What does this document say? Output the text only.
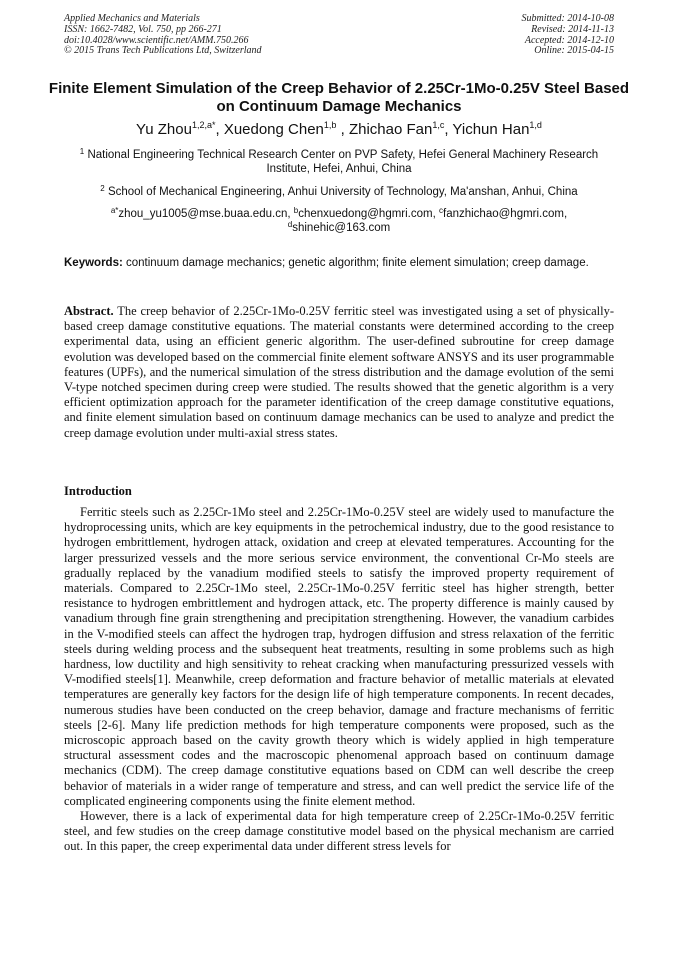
Applied Mechanics and Materials
ISSN: 1662-7482, Vol. 750, pp 266-271
doi:10.4028/www.scientific.net/AMM.750.266
© 2015 Trans Tech Publications Ltd, Switzerland
Submitted: 2014-10-08
Revised: 2014-11-13
Accepted: 2014-12-10
Online: 2015-04-15
Finite Element Simulation of the Creep Behavior of 2.25Cr-1Mo-0.25V Steel Based on Continuum Damage Mechanics
Yu Zhou$^{1,2,a*}$, Xuedong Chen$^{1,b}$ , Zhichao Fan$^{1,c}$, Yichun Han$^{1,d}$
$^1$ National Engineering Technical Research Center on PVP Safety, Hefei General Machinery Research Institute, Hefei, Anhui, China
$^2$ School of Mechanical Engineering, Anhui University of Technology, Ma'anshan, Anhui, China
$^{a*}$zhou_yu1005@mse.buaa.edu.cn, $^b$chenxuedong@hgmri.com, $^c$fanzhichao@hgmri.com, $^d$shinehic@163.com
Keywords: continuum damage mechanics; genetic algorithm; finite element simulation; creep damage.
Abstract. The creep behavior of 2.25Cr-1Mo-0.25V ferritic steel was investigated using a set of physically-based creep damage constitutive equations. The material constants were determined according to the creep experimental data, using an efficient generic algorithm. The user-defined subroutine for creep damage evolution was developed based on the commercial finite element software ANSYS and its user programmable features (UPFs), and the numerical simulation of the stress distribution and the damage evolution of the semi V-type notched specimen during creep were studied. The results showed that the genetic algorithm is a very efficient optimization approach for the parameter identification of the creep damage constitutive equations, and finite element simulation based on continuum damage mechanics can be used to analyze and predict the creep damage evolution under multi-axial stress states.
Introduction

Ferritic steels such as 2.25Cr-1Mo steel and 2.25Cr-1Mo-0.25V steel are widely used to manufacture the hydroprocessing units, which are key equipments in the petrochemical industry, due to the good resistance to hydrogen embrittlement, hydrogen attack, oxidation and creep at elevated temperatures. Accounting for the larger pressurized vessels and the more serious service environment, the conventional Cr-Mo steels are gradually replaced by the vanadium modified steels to satisfy the improved property requirement of materials. Compared to 2.25Cr-1Mo steel, 2.25Cr-1Mo-0.25V ferritic steel has higher strength, better resistance to hydrogen embrittlement and hydrogen attack, etc. The property difference is mainly caused by vanadium through fine grain strengthening and precipitation strengthening. However, the vanadium carbides in the V-modified steels can affect the hydrogen trap, hydrogen diffusion and stress relaxation of the ferritic steels during welding process and the subsequent heat treatments, resulting in some problems such as high hardness, low ductility and high sensitivity to reheat cracking when manufacturing pressurized vessels with V-modified steels[1]. Meanwhile, creep deformation and fracture behavior of metallic materials at elevated temperatures are generally key factors for the design life of high temperature components. In recent decades, numerous studies have been conducted on the creep behavior, damage and fracture mechanisms of ferritic steels [2-6]. Many life prediction methods for high temperature components were proposed, such as the microscopic approach based on the cavity growth theory which is widely applied in high temperature structural assessment codes and the macroscopic phenomenal approach based on continuum damage mechanics (CDM). The creep damage constitutive equations based on CDM can well describe the creep behavior of materials in a wider range of temperature and stress, and can well predict the service life of the complicated engineering components using the finite element method.

However, there is a lack of experimental data for high temperature creep of 2.25Cr-1Mo-0.25V ferritic steel, and few studies on the creep damage constitutive model based on the physical mechanism are carried out. In this paper, the creep experimental data under different stress levels for
